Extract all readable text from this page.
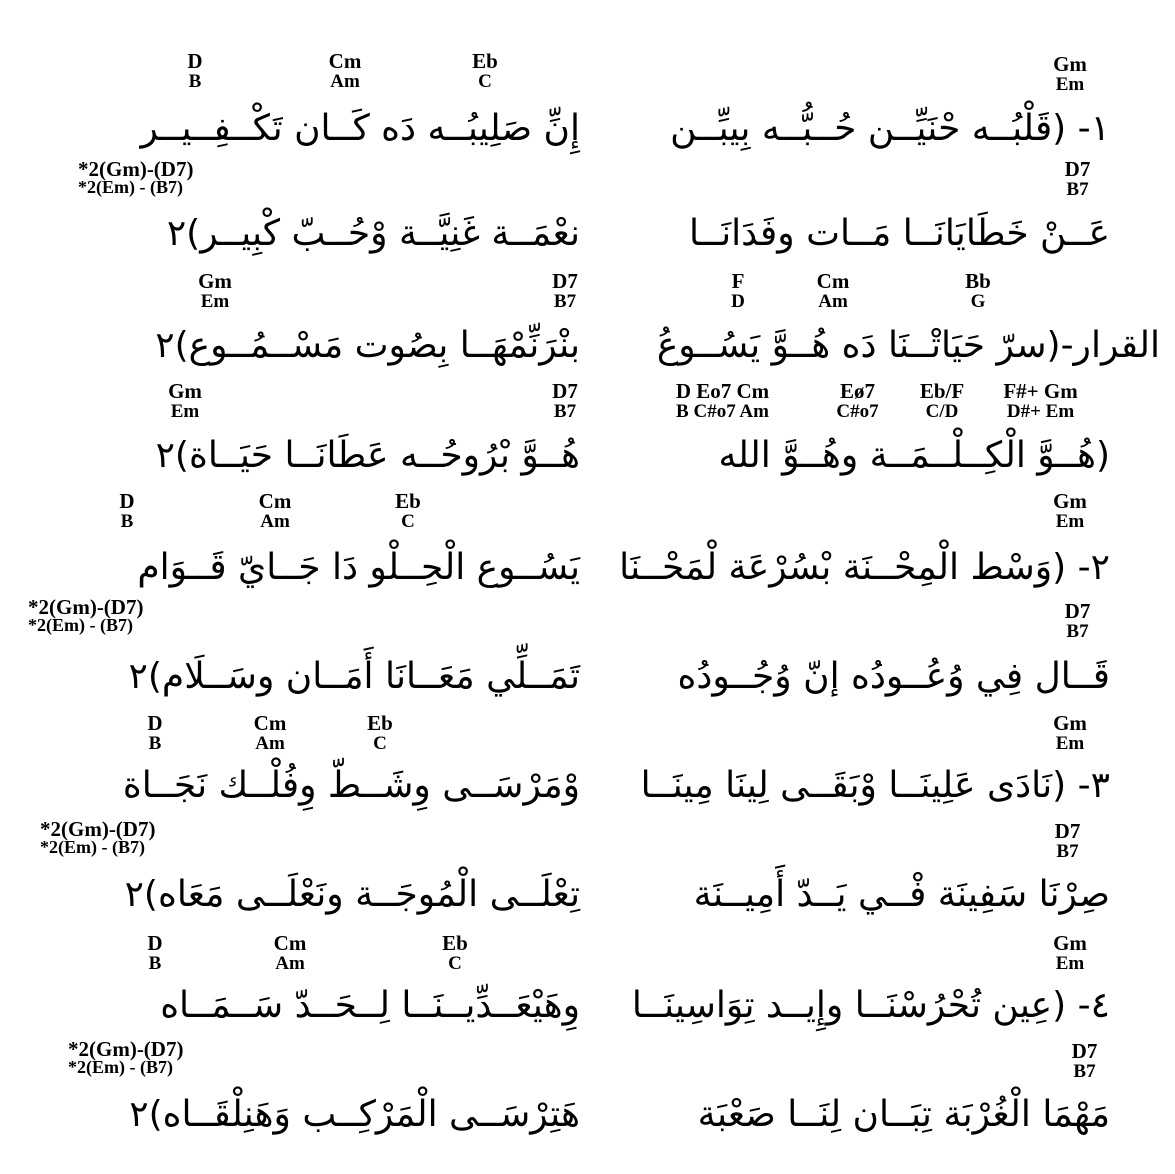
D
B
Cm
Am
Eb
C
Gm
Em
إِنِّ صَلِيبُــه دَه كَــان تَكْــفِــيــر	١- (قَلْبُــه حْنَيِّــن حُــبُّــه بِيبِّــن
*2(Gm)-(D7)
*2(Em) - (B7)
D7
B7
نعْمَــة غَنِيَّــة وْحُــبّ كْبِيــر)٢	عَــنْ خَطَايَانَــا مَــات وفَدَانَــا
Gm
Em
D7
B7
F
D
Cm
Am
Bb
G
بنْرَنِّمْهَــا بِصُوت مَسْــمُــوع)٢	القرار-(سرّ حَيَاتْــنَا دَه هُــوَّ يَسُــوعُ
Gm
Em
D7
B7
D Eo7 Cm
B C#o7 Am
Eø7
C#o7
Eb/F
C/D
F#+ Gm
D#+ Em
هُــوَّ بْرُوحُــه عَطَانَــا حَيَــاة)٢	(هُــوَّ الْكِــلْــمَــة وهُــوَّ الله
D
B
Cm
Am
Eb
C
Gm
Em
يَسُــوع الْحِــلْو دَا جَــايّ قَــوَام ٢- (وَسْط الْمِحْــنَة بْسُرْعَة لْمَحْــنَا
*2(Gm)-(D7)
*2(Em) - (B7)
D7
B7
تَمَــلِّي مَعَــانَا أَمَــان وسَــلَام)٢	قَــال فِي وُعُــودُه إنّ وُجُــودُه
D
B
Cm
Am
Eb
C
Gm
Em
وْمَرْسَــى وِشَــطّ وِفُلْــك نَجَــاة ٣- (نَادَى عَلِينَــا وْبَقَــى لِينَا مِينَــا
*2(Gm)-(D7)
*2(Em) - (B7)
D7
B7
تِعْلَــى الْمُوجَــة ونَعْلَــى مَعَاه)٢	صِرْنَا سَفِينَة فْــي يَــدّ أَمِيــنَة
D
B
Cm
Am
Eb
C
Gm
Em
وِهَيْعَــدِّيــنَــا لِــحَــدّ سَــمَــاه ٤- (عِين تُحْرُسْنَــا وإِيــد تِوَاسِينَــا
*2(Gm)-(D7)
*2(Em) - (B7)
D7
B7
هَتِرْسَــى الْمَرْكِــب وَهَنِلْقَــاه)٢	مَهْمَا الْغُرْبَة تِبَــان لِنَــا صَعْبَة
